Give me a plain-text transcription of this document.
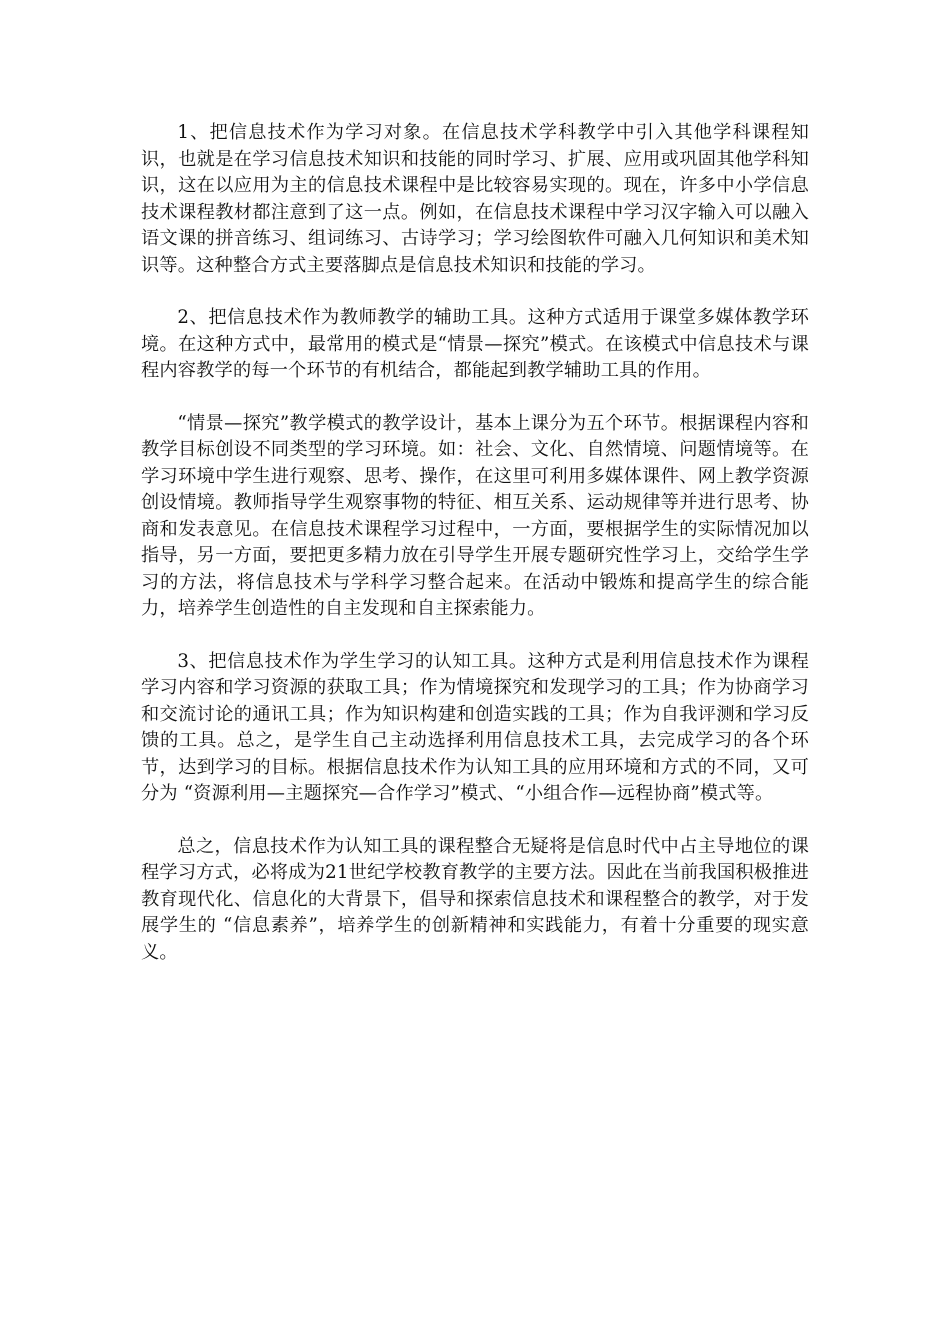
1、把信息技术作为学习对象。在信息技术学科教学中引入其他学科课程知识，也就是在学习信息技术知识和技能的同时学习、扩展、应用或巩固其他学科知识，这在以应用为主的信息技术课程中是比较容易实现的。现在，许多中小学信息技术课程教材都注意到了这一点。例如，在信息技术课程中学习汉字输入可以融入语文课的拼音练习、组词练习、古诗学习；学习绘图软件可融入几何知识和美术知识等。这种整合方式主要落脚点是信息技术知识和技能的学习。

2、把信息技术作为教师教学的辅助工具。这种方式适用于课堂多媒体教学环境。在这种方式中，最常用的模式是“情景—探究”模式。在该模式中信息技术与课程内容教学的每一个环节的有机结合，都能起到教学辅助工具的作用。

“情景—探究”教学模式的教学设计，基本上课分为五个环节。根据课程内容和教学目标创设不同类型的学习环境。如：社会、文化、自然情境、问题情境等。在学习环境中学生进行观察、思考、操作，在这里可利用多媒体课件、网上教学资源创设情境。教师指导学生观察事物的特征、相互关系、运动规律等并进行思考、协商和发表意见。在信息技术课程学习过程中，一方面，要根据学生的实际情况加以指导，另一方面，要把更多精力放在引导学生开展专题研究性学习上，交给学生学习的方法，将信息技术与学科学习整合起来。在活动中锻炼和提高学生的综合能力，培养学生创造性的自主发现和自主探索能力。

3、把信息技术作为学生学习的认知工具。这种方式是利用信息技术作为课程学习内容和学习资源的获取工具；作为情境探究和发现学习的工具；作为协商学习和交流讨论的通讯工具；作为知识构建和创造实践的工具；作为自我评测和学习反馈的工具。总之，是学生自己主动选择利用信息技术工具，去完成学习的各个环节，达到学习的目标。根据信息技术作为认知工具的应用环境和方式的不同，又可分为 “资源利用—主题探究—合作学习”模式、“小组合作—远程协商”模式等。

总之，信息技术作为认知工具的课程整合无疑将是信息时代中占主导地位的课程学习方式，必将成为21世纪学校教育教学的主要方法。因此在当前我国积极推进教育现代化、信息化的大背景下，倡导和探索信息技术和课程整合的教学，对于发展学生的 “信息素养”，培养学生的创新精神和实践能力，有着十分重要的现实意义。
